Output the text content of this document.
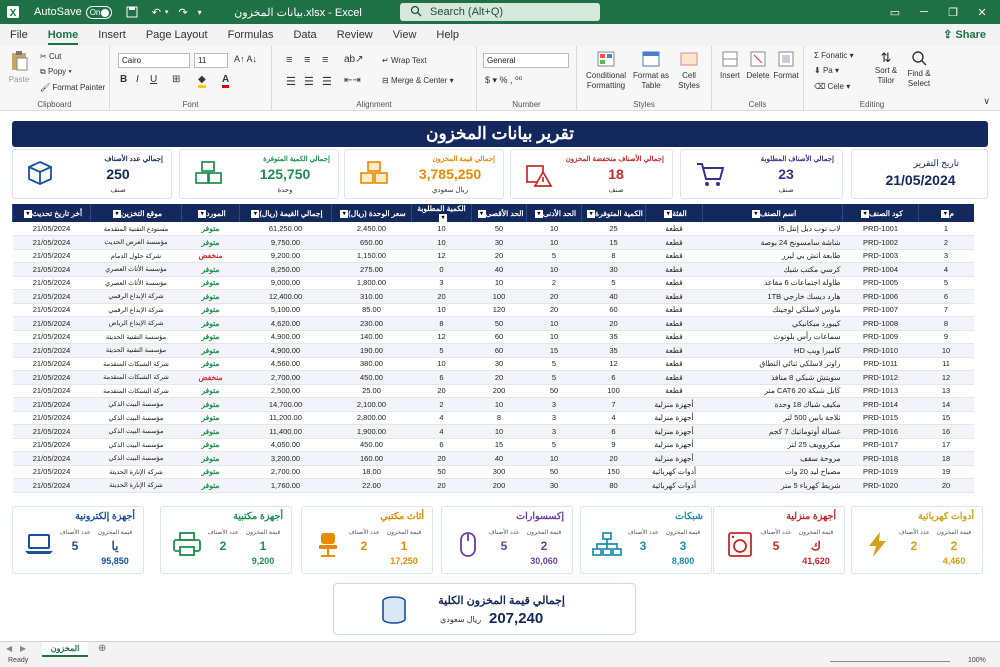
X AutoSave	On	↶ ▾ ↷ ▾	بيانات المخزون.xlsx - Excel	Search (Alt+Q)	▭	─	❐	✕
File	Home	Insert	Page Layout	Formulas	Data	Review	View	Help	⇪ Share
Paste
✂ Cut
⧉ Popy ▾
🖌 Format Painter
Clipboard
Cairo	11	A↑ A↓
B I U ⊞ ◆ A
Font
≡ ≡ ≡ ab↗ ↵ Wrap Text
☰ ☰ ☰ ⇤⇥	⊟ Merge & Center ▾
Alignment
General
$ ▾ % , ⁰⁰
Number
Conditional Formatting
Format as Table
Cell Styles
Styles
Insert Delete Format
Cells
Σ Fonatic ▾
⬇ Pa ▾
⌫ Cele ▾
⇅
Sort & Tiilor
Find & Select
Editing	∨
تقرير بيانات المخزون
إجمالي عدد الأصناف
250
صنف
إجمالي الكمية المتوفرة
125,750
وحدة
إجمالي قيمة المخزون
3,785,250
ريال سعودي
إجمالي الأصناف منخفضة المخزون
18
صنف
إجمالي الأصناف المطلوبة
23
صنف
تاريخ التقرير
21/05/2024
م▾	كود الصنف▾	اسم الصنف▾	الفئة▾	الكمية المتوفرة▾	الحد الأدنى▾	الحد الأقصى▾	الكمية المطلوبة▾	سعر الوحدة (ريال)▾	إجمالي القيمة (ريال)▾	المورد▾	موقع التخزين▾	أخر تاريخ تحديث▾
1	PRD-1001	لاب توب ديل إنتل i5	قطعة	25	10	50	10	2,450.00	61,250.00	متوفر	مستودع التقنية المتقدمة	21/05/2024
2	PRD-1002	شاشة سامسونج 24 بوصة	قطعة	15	10	30	10	650.00	9,750.00	متوفر	مؤسسة العرض الحديث	21/05/2024
3	PRD-1003	طابعة اتش بي ليزر	قطعة	8	5	20	12	1,150.00	9,200.00	منخفض	شركة حلول الدمام	21/05/2024
4	PRD-1004	كرسي مكتب شبك	قطعة	30	10	40	0	275.00	8,250.00	متوفر	مؤسسة الأثاث العصري	21/05/2024
5	PRD-1005	طاولة اجتماعات 6 مقاعد	قطعة	5	2	10	3	1,800.00	9,000.00	متوفر	مؤسسة الأثاث العصري	21/05/2024
6	PRD-1006	هارد ديسك خارجي 1TB	قطعة	40	20	100	20	310.00	12,400.00	متوفر	شركة الإبداع الرقمي	21/05/2024
7	PRD-1007	ماوس لاسلكي لوجيتك	قطعة	60	20	120	10	85.00	5,100.00	متوفر	شركة الإبداع الرقمي	21/05/2024
8	PRD-1008	كيبورد ميكانيكي	قطعة	20	10	50	8	230.00	4,620.00	متوفر	شركة الإبداع الرياض	21/05/2024
9	PRD-1009	سماعات رأس بلوتوث	قطعة	35	10	60	12	140.00	4,900.00	متوفر	مؤسسة التقنية الحديثة	21/05/2024
10	PRD-1010	كاميرا ويب HD	قطعة	35	15	60	5	190.00	4,900.00	متوفر	مؤسسة التقنية الحديثة	21/05/2024
11	PRD-1011	راوتر لاسلكي ثنائي النطاق	قطعة	12	5	30	10	380.00	4,560.00	متوفر	شركة الشبكات المتقدمة	21/05/2024
12	PRD-1012	سويتش شبكي 8 منافذ	قطعة	6	5	20	6	450.00	2,700.00	منخفض	شركة الشبكات المتقدمة	21/05/2024
13	PRD-1013	كابل شبكة CAT6 20 متر	قطعة	100	50	200	20	25.00	2,500.00	متوفر	شركة الشبكات المتقدمة	21/05/2024
14	PRD-1014	مكيف شباك 18 وحدة	أجهزة منزلية	7	3	10	2	2,100.00	14,700.00	متوفر	مؤسسة البيت الذكي	21/05/2024
15	PRD-1015	ثلاجة بابين 500 لتر	أجهزة منزلية	4	3	8	4	2,800.00	11,200.00	متوفر	مؤسسة البيت الذكي	21/05/2024
16	PRD-1016	غسالة أوتوماتيك 7 كجم	أجهزة منزلية	6	3	10	4	1,900.00	11,400.00	متوفر	مؤسسة البيت الذكي	21/05/2024
17	PRD-1017	ميكروويف 25 لتر	أجهزة منزلية	9	5	15	6	450.00	4,050.00	متوفر	مؤسسة البيت الذكي	21/05/2024
18	PRD-1018	مروحة سقف	أجهزة منزلية	20	10	40	20	160.00	3,200.00	متوفر	مؤسسة البيت الذكي	21/05/2024
19	PRD-1019	مصباح ليد 20 وات	أدوات كهربائية	150	50	300	50	18.00	2,700.00	متوفر	شركة الإنارة الحديثة	21/05/2024
20	PRD-1020	شريط كهرباء 5 متر	أدوات كهربائية	80	30	200	20	22.00	1,760.00	متوفر	شركة الإنارة الحديثة	21/05/2024
أجهزة إلكترونية
قيمة المخزون
عدد الأصناف
يا
5
95,850
أجهزة مكتبية
قيمة المخزون
عدد الأصناف
1
2
9,200
أثاث مكتبي
قيمة المخزون
عدد الأصناف
1
2
17,250
إكسسوارات
قيمة المخزون
عدد الأصناف
2
5
30,060
شبكات
قيمة المخزون
عدد الأصناف
3
3
8,800
أجهزة منزلية
قيمة المخزون
عدد الأصناف
ك
5
41,620
أدوات كهربائية
قيمة المخزون
عدد الأصناف
2
2
4,460
إجمالي قيمة المخزون الكلية
207,240
ريال سعودي
◀ ▶	المخزون	⊕
Ready	100%
